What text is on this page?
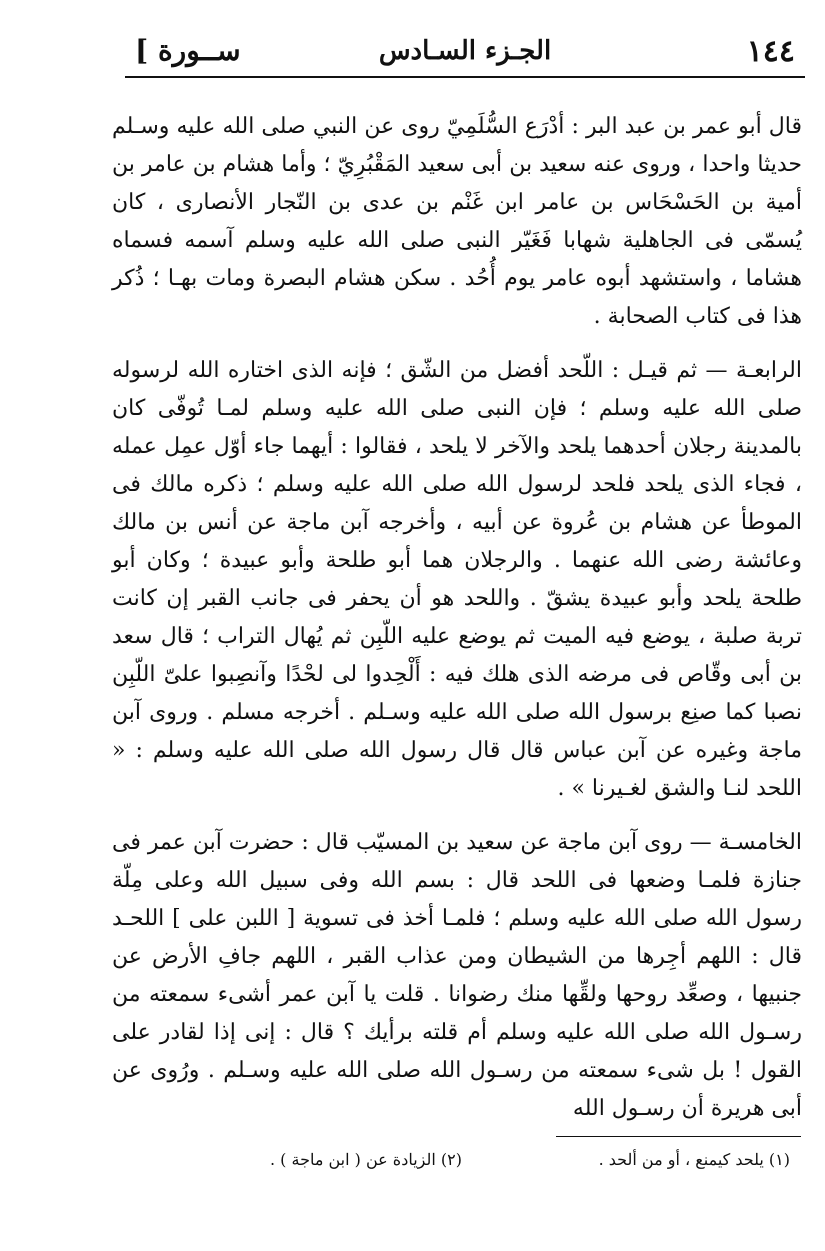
١٤٤
الجـزء السـادس
[ ســورة

قال أبو عمر بن عبد البر : أدْرَع السُّلَمِيّ روى عن النبي صلى الله عليه وسـلم حديثا واحدا ، وروى عنه سعيد بن أبى سعيد المَقْبُرِيّ ؛ وأما هشام بن عامر بن أمية بن الحَسْحَاس بن عامر ابن غَنْم بن عدى بن النّجار الأنصارى ، كان يُسمّى فى الجاهلية شهابا فَغَيّر النبى صلى الله عليه وسلم آسمه فسماه هشاما ، واستشهد أبوه عامر يوم أُحُد . سكن هشام البصرة ومات بهـا ؛ ذُكر هذا فى كتاب الصحابة .

الرابعـة — ثم قيـل : اللّحد أفضل من الشّق ؛ فإنه الذى اختاره الله لرسوله صلى الله عليه وسلم ؛ فإن النبى صلى الله عليه وسلم لمـا تُوفّى كان بالمدينة رجلان أحدهما يلحد والآخر لا يلحد ، فقالوا : أيهما جاء أوّل عمِل عمله ، فجاء الذى يلحد فلحد لرسول الله صلى الله عليه وسلم ؛ ذكره مالك فى الموطأ عن هشام بن عُروة عن أبيه ، وأخرجه آبن ماجة عن أنس بن مالك وعائشة رضى الله عنهما . والرجلان هما أبو طلحة وأبو عبيدة ؛ وكان أبو طلحة يلحد وأبو عبيدة يشقّ . واللحد هو أن يحفر فى جانب القبر إن كانت تربة صلبة ، يوضع فيه الميت ثم يوضع عليه اللّبِن ثم يُهال التراب ؛ قال سعد بن أبى وقّاص فى مرضه الذى هلك فيه : أَلْحِدوا لى لحْدًا وآنصِبوا علىّ اللّبِن نصبا كما صنِع برسول الله صلى الله عليه وسـلم . أخرجه مسلم . وروى آبن ماجة وغيره عن آبن عباس قال قال رسول الله صلى الله عليه وسلم : « اللحد لنـا والشق لغـيرنا » .

الخامسـة — روى آبن ماجة عن سعيد بن المسيّب قال : حضرت آبن عمر فى جنازة فلمـا وضعها فى اللحد قال : بسم الله وفى سبيل الله وعلى مِلّة رسول الله صلى الله عليه وسلم ؛ فلمـا أخذ فى تسوية [ اللبن على ] اللحـد قال : اللهم أجِرها من الشيطان ومن عذاب القبر ، اللهم جافِ الأرض عن جنبيها ، وصعِّد روحها ولقِّها منك رضوانا . قلت يا آبن عمر أشىء سمعته من رسـول الله صلى الله عليه وسلم أم قلته برأيك ؟ قال : إنى إذا لقادر على القول ! بل شىء سمعته من رسـول الله صلى الله عليه وسـلم . ورُوى عن أبى هريرة أن رسـول الله

(١) يلحد كيمنع ، أو من ألحد .
(٢) الزيادة عن ( ابن ماجة ) .
